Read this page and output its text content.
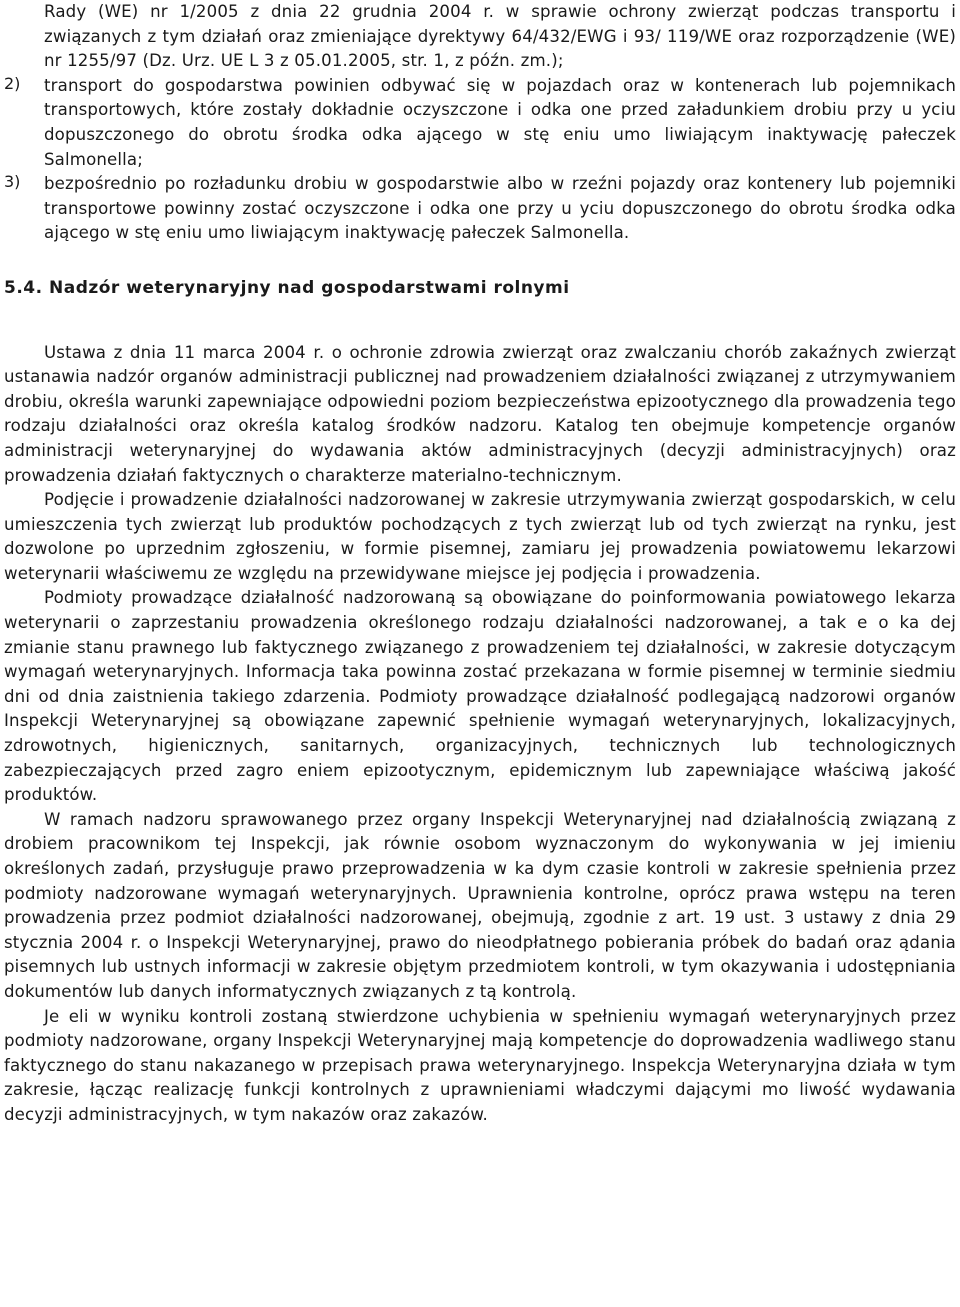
Rady (WE) nr 1/2005 z dnia 22 grudnia 2004 r. w sprawie ochrony zwierząt podczas transportu i związanych z tym działań oraz zmieniające dyrektywy 64/432/EWG i 93/ 119/WE oraz rozporządzenie (WE) nr 1255/97 (Dz. Urz. UE L 3 z 05.01.2005, str. 1, z późn. zm.);

2) transport do gospodarstwa powinien odbywać się w pojazdach oraz w kontenerach lub pojemnikach transportowych, które zostały dokładnie oczyszczone i odka one przed załadunkiem drobiu przy u yciu dopuszczonego do obrotu środka odka ającego w stę eniu umo liwiającym inaktywację pałeczek Salmonella;

3) bezpośrednio po rozładunku drobiu w gospodarstwie albo w rzeźni pojazdy oraz kontenery lub pojemniki transportowe powinny zostać oczyszczone i odka one przy u yciu dopuszczonego do obrotu środka odka ającego w stę eniu umo liwiającym inaktywację pałeczek Salmonella.

5.4. Nadzór weterynaryjny nad gospodarstwami rolnymi

Ustawa z dnia 11 marca 2004 r. o ochronie zdrowia zwierząt oraz zwalczaniu chorób zakaźnych zwierząt ustanawia nadzór organów administracji publicznej nad prowadzeniem działalności związanej z utrzymywaniem drobiu, określa warunki zapewniające odpowiedni poziom bezpieczeństwa epizootycznego dla prowadzenia tego rodzaju działalności oraz określa katalog środków nadzoru. Katalog ten obejmuje kompetencje organów administracji weterynaryjnej do wydawania aktów administracyjnych (decyzji administracyjnych) oraz prowadzenia działań faktycznych o charakterze materialno-technicznym.

Podjęcie i prowadzenie działalności nadzorowanej w zakresie utrzymywania zwierząt gospodarskich, w celu umieszczenia tych zwierząt lub produktów pochodzących z tych zwierząt lub od tych zwierząt na rynku, jest dozwolone po uprzednim zgłoszeniu, w formie pisemnej, zamiaru jej prowadzenia powiatowemu lekarzowi weterynarii właściwemu ze względu na przewidywane miejsce jej podjęcia i prowadzenia.

Podmioty prowadzące działalność nadzorowaną są obowiązane do poinformowania powiatowego lekarza weterynarii o zaprzestaniu prowadzenia określonego rodzaju działalności nadzorowanej, a tak e o ka dej zmianie stanu prawnego lub faktycznego związanego z prowadzeniem tej działalności, w zakresie dotyczącym wymagań weterynaryjnych. Informacja taka powinna zostać przekazana w formie pisemnej w terminie siedmiu dni od dnia zaistnienia takiego zdarzenia. Podmioty prowadzące działalność podlegającą nadzorowi organów Inspekcji Weterynaryjnej są obowiązane zapewnić spełnienie wymagań weterynaryjnych, lokalizacyjnych, zdrowotnych, higienicznych, sanitarnych, organizacyjnych, technicznych lub technologicznych zabezpieczających przed zagro eniem epizootycznym, epidemicznym lub zapewniające właściwą jakość produktów.

W ramach nadzoru sprawowanego przez organy Inspekcji Weterynaryjnej nad działalnością związaną z drobiem pracownikom tej Inspekcji, jak równie osobom wyznaczonym do wykonywania w jej imieniu określonych zadań, przysługuje prawo przeprowadzenia w ka dym czasie kontroli w zakresie spełnienia przez podmioty nadzorowane wymagań weterynaryjnych. Uprawnienia kontrolne, oprócz prawa wstępu na teren prowadzenia przez podmiot działalności nadzorowanej, obejmują, zgodnie z art. 19 ust. 3 ustawy z dnia 29 stycznia 2004 r. o Inspekcji Weterynaryjnej, prawo do nieodpłatnego pobierania próbek do badań oraz ądania pisemnych lub ustnych informacji w zakresie objętym przedmiotem kontroli, w tym okazywania i udostępniania dokumentów lub danych informatycznych związanych z tą kontrolą.

Je eli w wyniku kontroli zostaną stwierdzone uchybienia w spełnieniu wymagań weterynaryjnych przez podmioty nadzorowane, organy Inspekcji Weterynaryjnej mają kompetencje do doprowadzenia wadliwego stanu faktycznego do stanu nakazanego w przepisach prawa weterynaryjnego. Inspekcja Weterynaryjna działa w tym zakresie, łącząc realizację funkcji kontrolnych z uprawnieniami władczymi dającymi mo liwość wydawania decyzji administracyjnych, w tym nakazów oraz zakazów.
